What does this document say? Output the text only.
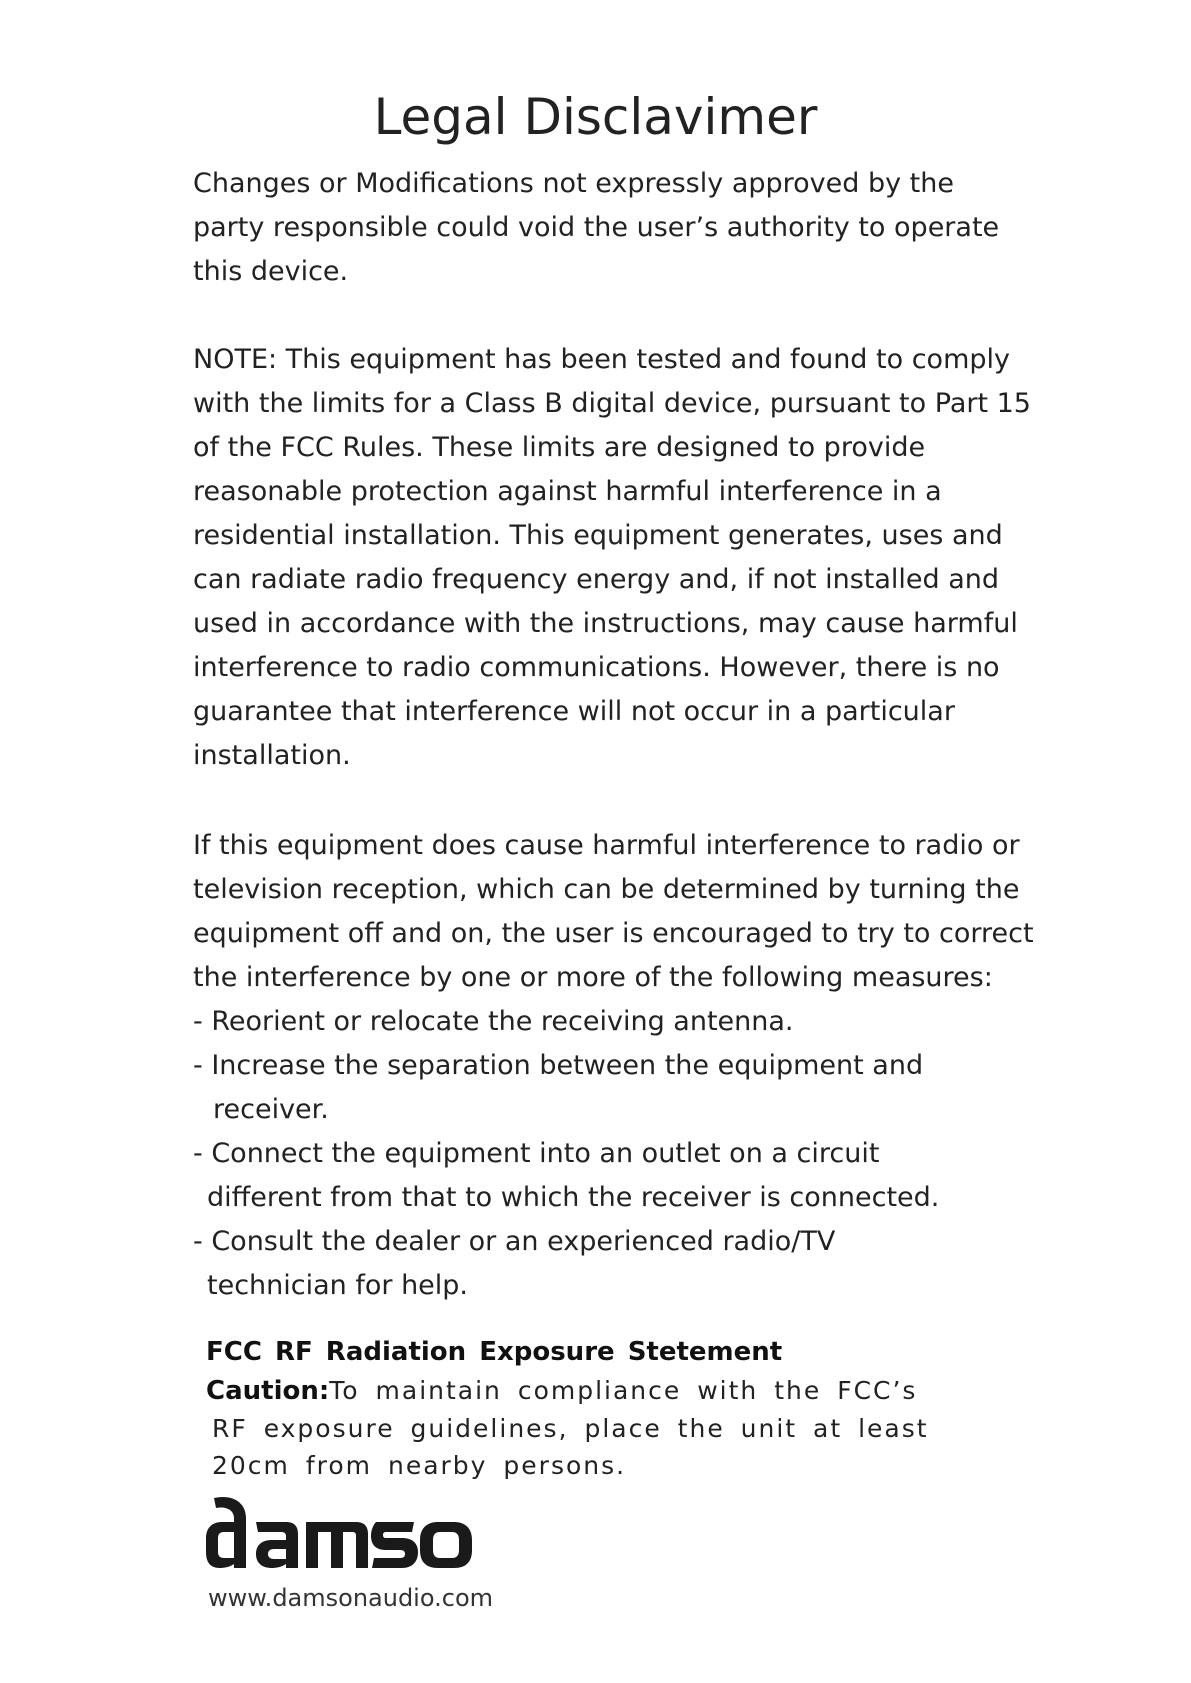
Legal Disclavimer

Changes or Modifications not expressly approved by the
party responsible could void the user’s authority to operate
this device.

NOTE: This equipment has been tested and found to comply
with the limits for a Class B digital device, pursuant to Part 15
of the FCC Rules. These limits are designed to provide
reasonable protection against harmful interference in a
residential installation. This equipment generates, uses and
can radiate radio frequency energy and, if not installed and
used in accordance with the instructions, may cause harmful
interference to radio communications. However, there is no
guarantee that interference will not occur in a particular
installation.

If this equipment does cause harmful interference to radio or
television reception, which can be determined by turning the
equipment off and on, the user is encouraged to try to correct
the interference by one or more of the following measures:

- Reorient or relocate the receiving antenna.
- Increase the separation between the equipment and
receiver.
- Connect the equipment into an outlet on a circuit
different from that to which the receiver is connected.
- Consult the dealer or an experienced radio/TV
technician for help.
FCC RF Radiation Exposure Stetement

Caution:To maintain compliance with the FCC’s
RF exposure guidelines, place the unit at least
20cm from nearby persons.

www.damsonaudio.com
